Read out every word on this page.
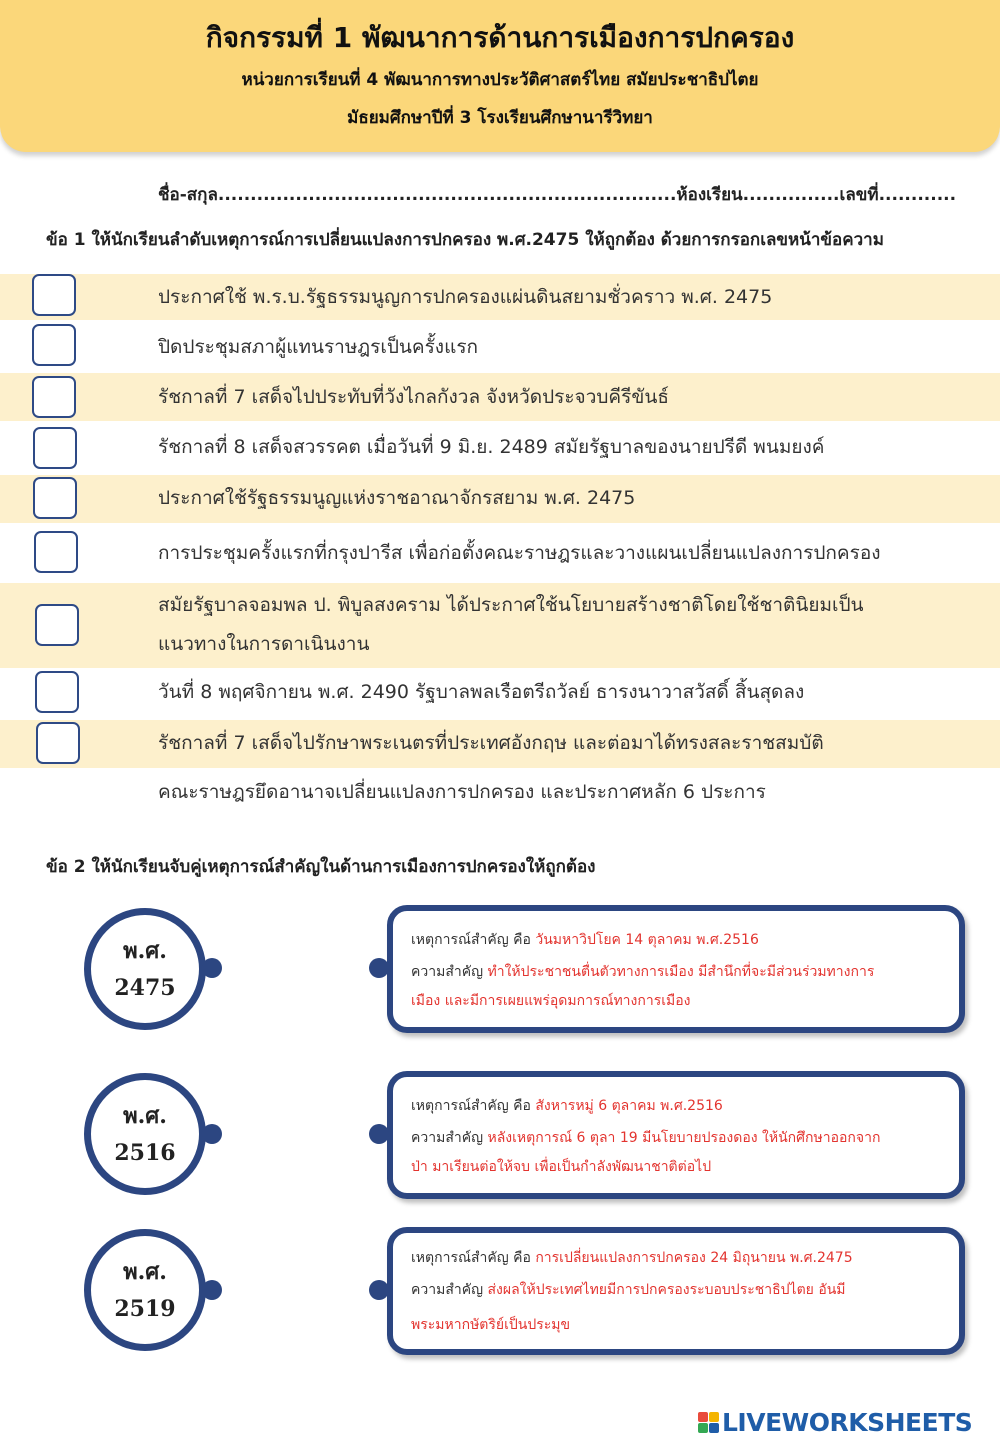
กิจกรรมที่ 1 พัฒนาการด้านการเมืองการปกครอง
หน่วยการเรียนที่ 4 พัฒนาการทางประวัติศาสตร์ไทย สมัยประชาธิปไตย
มัธยมศึกษาปีที่ 3 โรงเรียนศึกษานารีวิทยา
ชื่อ-สกุล.......................................................................ห้องเรียน...............เลขที่............
ข้อ 1 ให้นักเรียนลำดับเหตุการณ์การเปลี่ยนแปลงการปกครอง พ.ศ.2475 ให้ถูกต้อง ด้วยการกรอกเลขหน้าข้อความ
ประกาศใช้ พ.ร.บ.รัฐธรรมนูญการปกครองแผ่นดินสยามชั่วคราว พ.ศ. 2475
ปิดประชุมสภาผู้แทนราษฎรเป็นครั้งแรก
รัชกาลที่ 7 เสด็จไปประทับที่วังไกลกังวล จังหวัดประจวบคีรีขันธ์
รัชกาลที่ 8 เสด็จสวรรคต เมื่อวันที่ 9 มิ.ย. 2489 สมัยรัฐบาลของนายปรีดี พนมยงค์
ประกาศใช้รัฐธรรมนูญแห่งราชอาณาจักรสยาม พ.ศ. 2475
การประชุมครั้งแรกที่กรุงปารีส เพื่อก่อตั้งคณะราษฎรและวางแผนเปลี่ยนแปลงการปกครอง
สมัยรัฐบาลจอมพล ป. พิบูลสงคราม ได้ประกาศใช้นโยบายสร้างชาติโดยใช้ชาตินิยมเป็น
แนวทางในการดาเนินงาน
วันที่ 8 พฤศจิกายน พ.ศ. 2490 รัฐบาลพลเรือตรีถวัลย์ ธารงนาวาสวัสดิ์ สิ้นสุดลง
รัชกาลที่ 7 เสด็จไปรักษาพระเนตรที่ประเทศอังกฤษ และต่อมาได้ทรงสละราชสมบัติ
คณะราษฎรยึดอานาจเปลี่ยนแปลงการปกครอง และประกาศหลัก 6 ประการ
ข้อ 2 ให้นักเรียนจับคู่เหตุการณ์สำคัญในด้านการเมืองการปกครองให้ถูกต้อง
พ.ศ.
2475
พ.ศ.
2516
พ.ศ.
2519
เหตุการณ์สำคัญ คือ วันมหาวิปโยค 14 ตุลาคม พ.ศ.2516
ความสำคัญ ทำให้ประชาชนตื่นตัวทางการเมือง มีสำนึกที่จะมีส่วนร่วมทางการ
เมือง และมีการเผยแพร่อุดมการณ์ทางการเมือง
เหตุการณ์สำคัญ คือ สังหารหมู่ 6 ตุลาคม พ.ศ.2516
ความสำคัญ หลังเหตุการณ์ 6 ตุลา 19 มีนโยบายปรองดอง ให้นักศึกษาออกจาก
ป่า มาเรียนต่อให้จบ เพื่อเป็นกำลังพัฒนาชาติต่อไป
เหตุการณ์สำคัญ คือ การเปลี่ยนแปลงการปกครอง 24 มิถุนายน พ.ศ.2475
ความสำคัญ ส่งผลให้ประเทศไทยมีการปกครองระบอบประชาธิปไตย อันมี
พระมหากษัตริย์เป็นประมุข
LIVEWORKSHEETS
